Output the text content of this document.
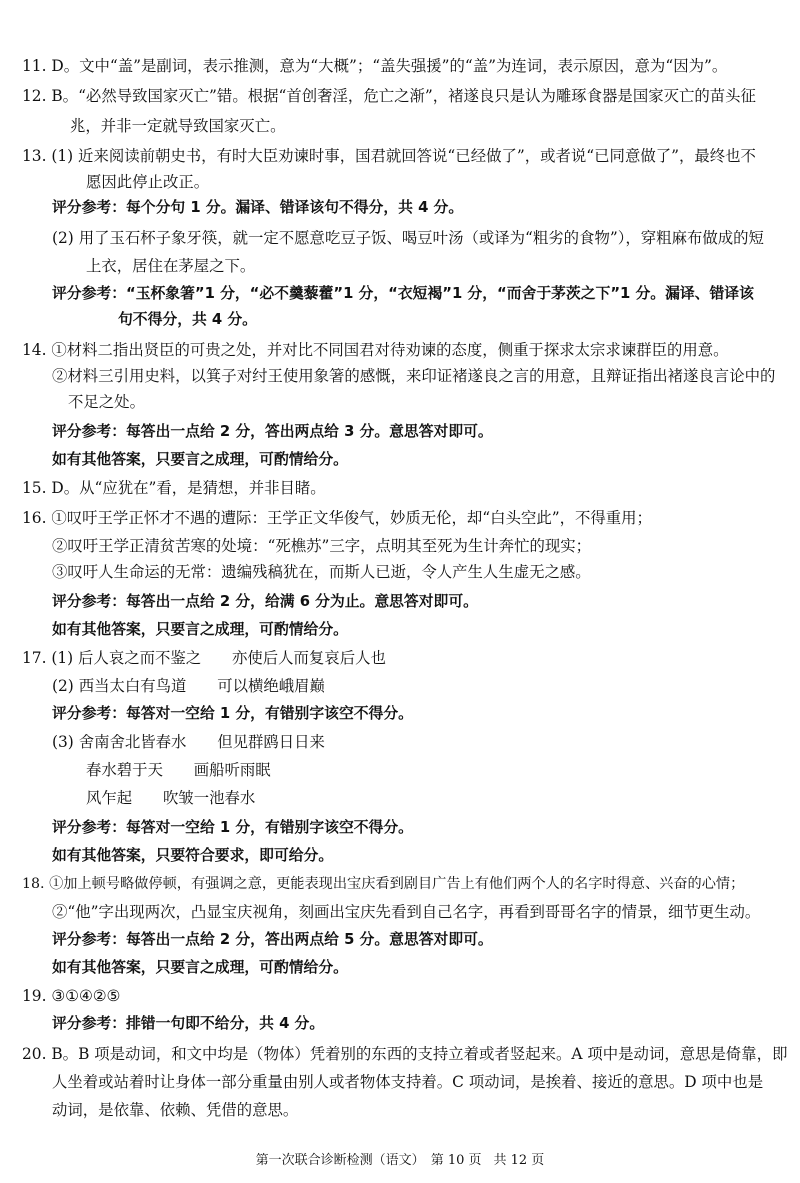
11. D。文中“盖”是副词，表示推测，意为“大概”；“盖失强援”的“盖”为连词，表示原因，意为“因为”。
12. B。“必然导致国家灭亡”错。根据“首创奢淫，危亡之渐”，褚遂良只是认为雕琢食器是国家灭亡的苗头征
兆，并非一定就导致国家灭亡。
13. (1) 近来阅读前朝史书，有时大臣劝谏时事，国君就回答说“已经做了”，或者说“已同意做了”，最终也不
愿因此停止改正。
评分参考：每个分句 1 分。漏译、错译该句不得分，共 4 分。
(2) 用了玉石杯子象牙筷，就一定不愿意吃豆子饭、喝豆叶汤（或译为“粗劣的食物”），穿粗麻布做成的短
上衣，居住在茅屋之下。
评分参考：“玉杯象箸”1 分，“必不羹藜藿”1 分，“衣短褐”1 分，“而舍于茅茨之下”1 分。漏译、错译该
句不得分，共 4 分。
14. ①材料二指出贤臣的可贵之处，并对比不同国君对待劝谏的态度，侧重于探求太宗求谏群臣的用意。
②材料三引用史料，以箕子对纣王使用象箸的感慨，来印证褚遂良之言的用意，且辩证指出褚遂良言论中的
不足之处。
评分参考：每答出一点给 2 分，答出两点给 3 分。意思答对即可。
如有其他答案，只要言之成理，可酌情给分。
15. D。从“应犹在”看，是猜想，并非目睹。
16. ①叹吁王学正怀才不遇的遭际：王学正文华俊气，妙质无伦，却“白头空此”，不得重用；
②叹吁王学正清贫苦寒的处境：“死樵苏”三字，点明其至死为生计奔忙的现实；
③叹吁人生命运的无常：遗编残稿犹在，而斯人已逝，令人产生人生虚无之感。
评分参考：每答出一点给 2 分，给满 6 分为止。意思答对即可。
如有其他答案，只要言之成理，可酌情给分。
17. (1) 后人哀之而不鉴之　　亦使后人而复哀后人也
(2) 西当太白有鸟道　　可以横绝峨眉巅
评分参考：每答对一空给 1 分，有错别字该空不得分。
(3) 舍南舍北皆春水　　但见群鸥日日来
春水碧于天　　画船听雨眠
风乍起　　吹皱一池春水
评分参考：每答对一空给 1 分，有错别字该空不得分。
如有其他答案，只要符合要求，即可给分。
18. ①加上顿号略做停顿，有强调之意，更能表现出宝庆看到剧目广告上有他们两个人的名字时得意、兴奋的心情；
②“他”字出现两次，凸显宝庆视角，刻画出宝庆先看到自己名字，再看到哥哥名字的情景，细节更生动。
评分参考：每答出一点给 2 分，答出两点给 5 分。意思答对即可。
如有其他答案，只要言之成理，可酌情给分。
19. ③①④②⑤
评分参考：排错一句即不给分，共 4 分。
20. B。B 项是动词，和文中均是（物体）凭着别的东西的支持立着或者竖起来。A 项中是动词，意思是倚靠，即
人坐着或站着时让身体一部分重量由别人或者物体支持着。C 项动词，是挨着、接近的意思。D 项中也是
动词，是依靠、依赖、凭借的意思。
第一次联合诊断检测（语文） 第 10 页 共 12 页
